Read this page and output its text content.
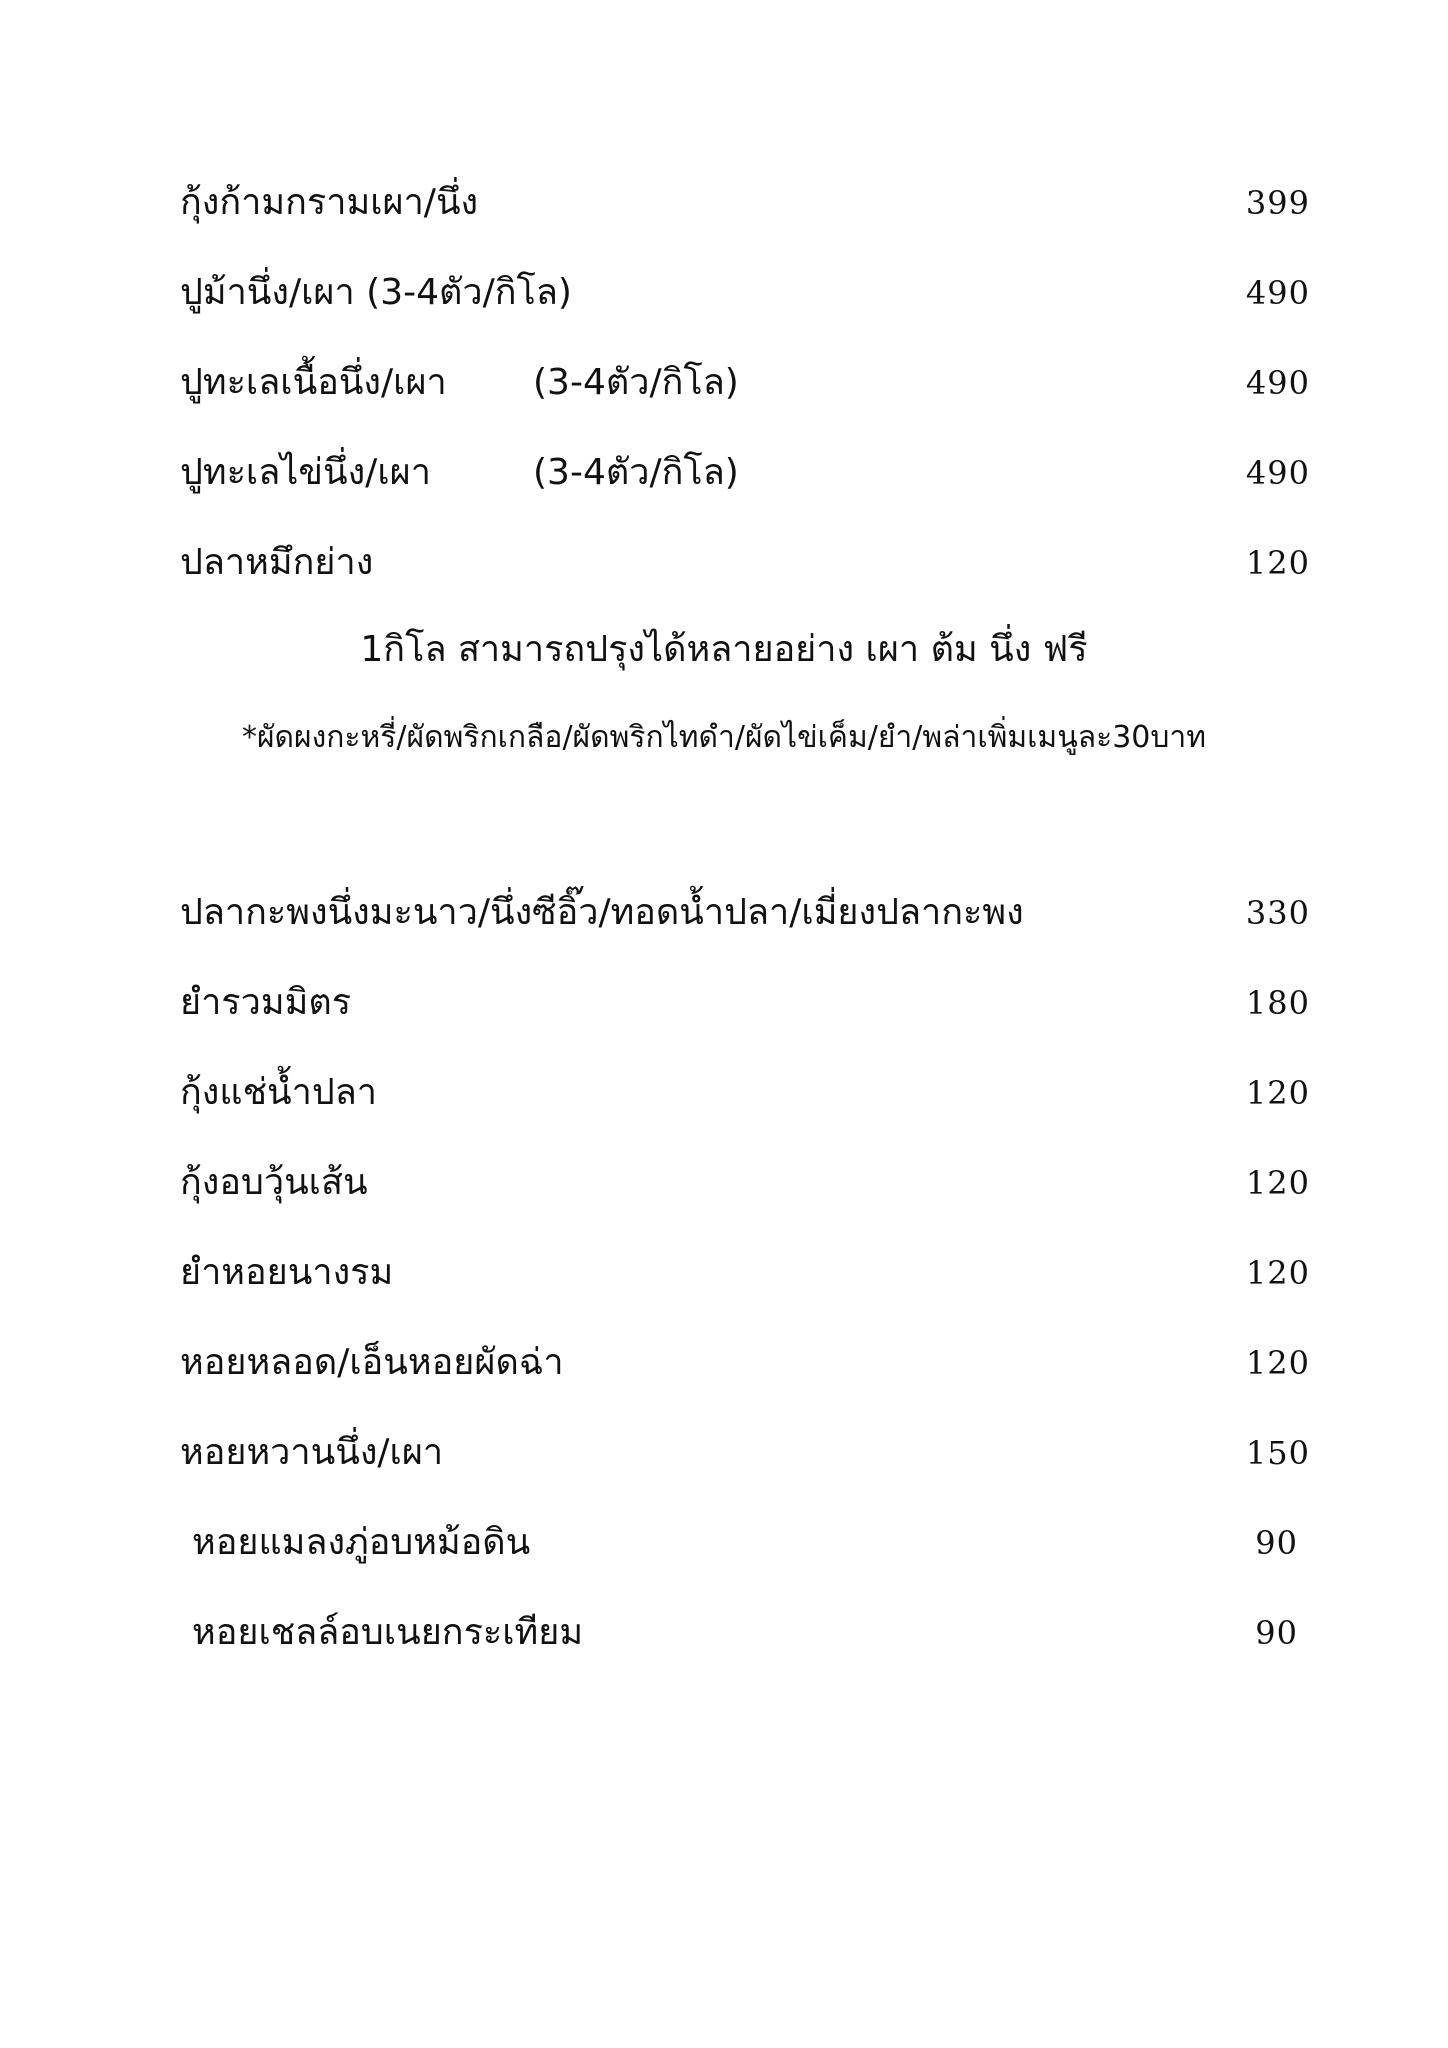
กุ้งก้ามกรามเผา/นึ่ง	399
ปูม้านึ่ง/เผา (3-4ตัว/กิโล)	490
ปูทะเลเนื้อนึ่ง/เผา (3-4ตัว/กิโล)	490
ปูทะเลไข่นึ่ง/เผา	(3-4ตัว/กิโล)	490
ปลาหมึกย่าง	120
1กิโล สามารถปรุงได้หลายอย่าง เผา ต้ม นึ่ง ฟรี
*ผัดผงกะหรี่/ผัดพริกเกลือ/ผัดพริกไทดำ/ผัดไข่เค็ม/ยำ/พล่าเพิ่มเมนูละ30บาท
ปลากะพงนึ่งมะนาว/นึ่งซีอิ๊ว/ทอดน้ำปลา/เมี่ยงปลากะพง	330
ยำรวมมิตร	180
กุ้งแช่น้ำปลา	120
กุ้งอบวุ้นเส้น	120
ยำหอยนางรม	120
หอยหลอด/เอ็นหอยผัดฉ่า	120
หอยหวานนึ่ง/เผา	150
หอยแมลงภู่อบหม้อดิน	90
หอยเชลล์อบเนยกระเทียม	90
